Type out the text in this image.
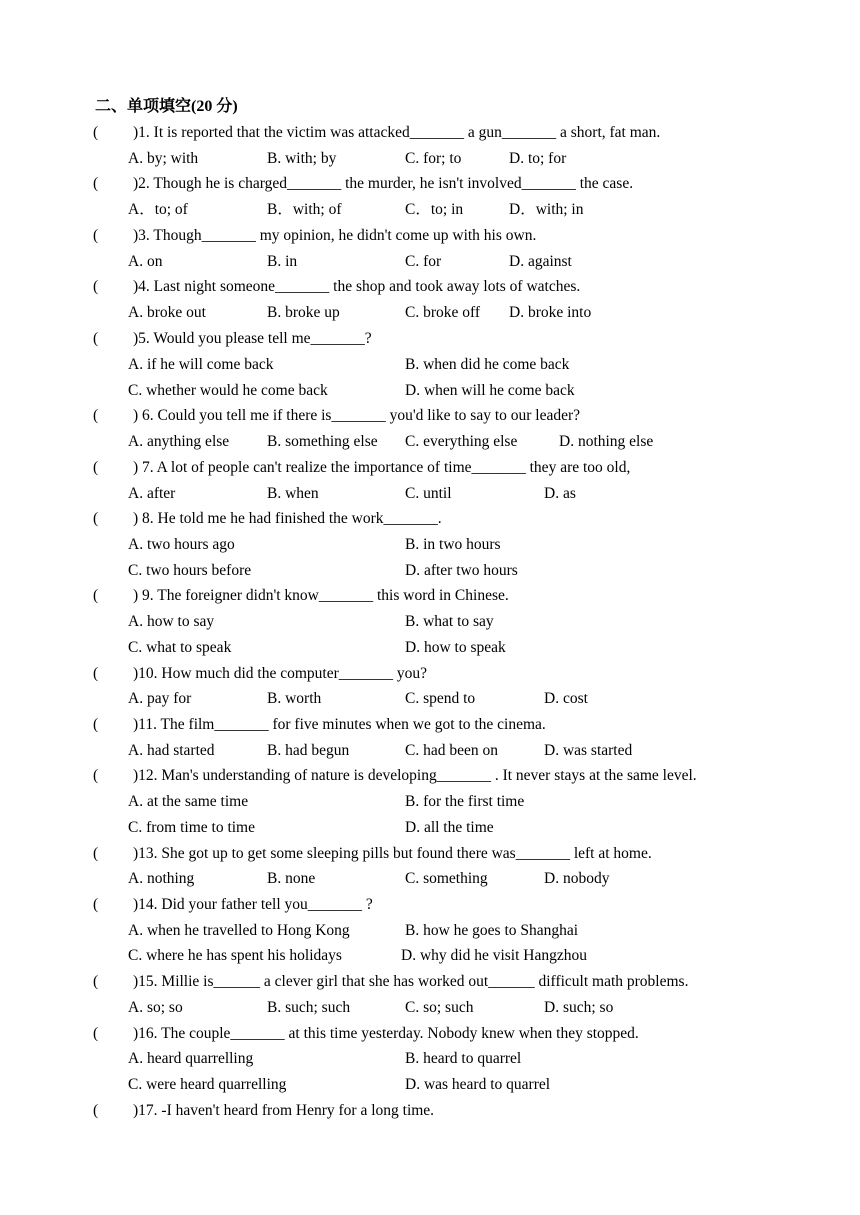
二、单项填空(20 分)
( )1. It is reported that the victim was attacked_______ a gun_______ a short, fat man.
A. by; with	B. with; by	C. for; to	D. to; for
( )2. Though he is charged_______ the murder, he isn't involved_______ the case.
A．to; of	B．with; of	C．to; in	D．with; in
( )3. Though_______ my opinion, he didn't come up with his own.
A. on	B. in	C. for	D. against
( )4. Last night someone_______ the shop and took away lots of watches.
A. broke out	B. broke up	C. broke off D. broke into
( )5. Would you please tell me_______?
A. if he will come back	B. when did he come back
C. whether would he come back	D. when will he come back
( ) 6. Could you tell me if there is_______ you'd like to say to our leader?
A. anything else B. something else C. everything else	D. nothing else
( ) 7. A lot of people can't realize the importance of time_______ they are too old,
A. after	B. when	C. until	D. as
( ) 8. He told me he had finished the work_______.
A. two hours ago	B. in two hours
C. two hours before	D. after two hours
( ) 9. The foreigner didn't know_______ this word in Chinese.
A. how to say	B. what to say
C. what to speak	D. how to speak
( )10. How much did the computer_______ you?
A. pay for	B. worth	C. spend to	D. cost
( )11. The film_______ for five minutes when we got to the cinema.
A. had started	B. had begun	C. had been on	D. was started
( )12. Man's understanding of nature is developing_______ . It never stays at the same level.
A. at the same time	B. for the first time
C. from time to time	D. all the time
( )13. She got up to get some sleeping pills but found there was_______ left at home.
A. nothing	B. none	C. something	D. nobody
( )14. Did your father tell you_______ ?
A. when he travelled to Hong Kong	B. how he goes to Shanghai
C. where he has spent his holidays	D. why did he visit Hangzhou
( )15. Millie is______ a clever girl that she has worked out______ difficult math problems.
A. so; so	B. such; such	C. so; such	D. such; so
( )16. The couple_______ at this time yesterday. Nobody knew when they stopped.
A. heard quarrelling	B. heard to quarrel
C. were heard quarrelling	D. was heard to quarrel
( )17. -I haven't heard from Henry for a long time.
